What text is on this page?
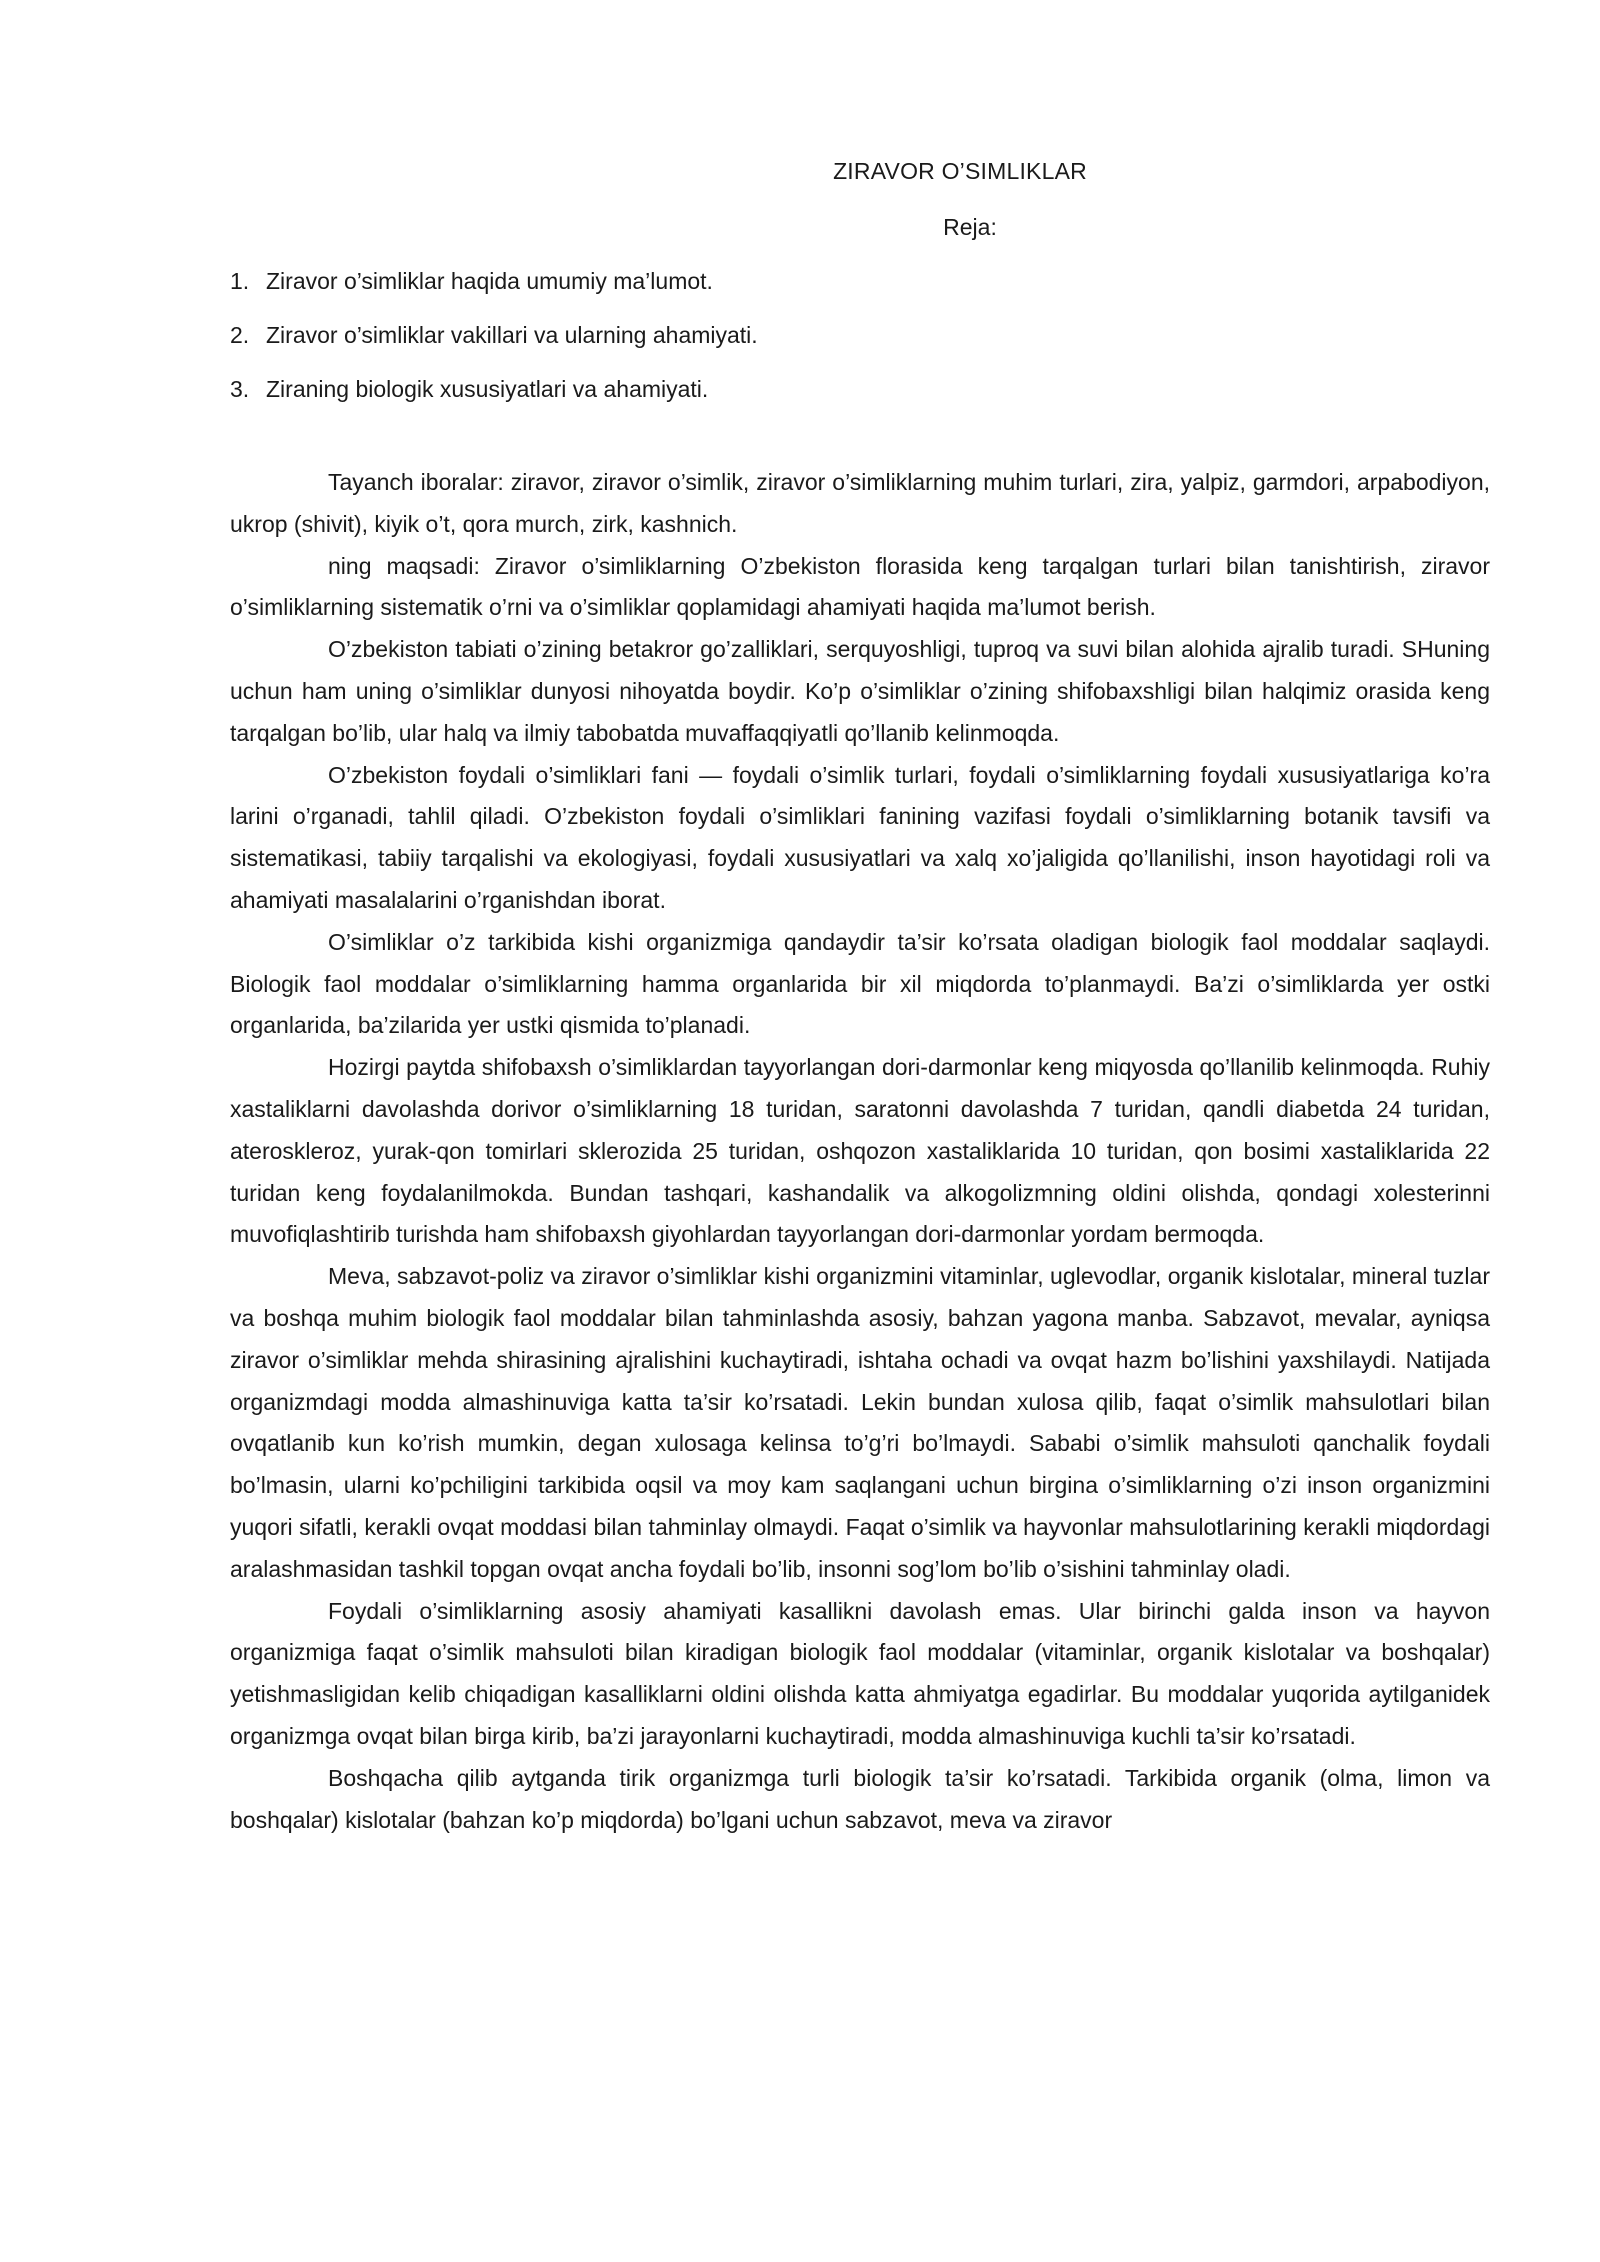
ZIRAVOR O’SIMLIKLAR
Reja:
1. Ziravor o’simliklar haqida umumiy ma’lumot.
2. Ziravor o’simliklar vakillari va ularning ahamiyati.
3. Ziraning biologik xususiyatlari va ahamiyati.

Tayanch iboralar: ziravor, ziravor o’simlik, ziravor o’simliklarning muhim turlari, zira, yalpiz, garmdori, arpabodiyon, ukrop (shivit), kiyik o’t, qora murch, zirk, kashnich.

ning maqsadi: Ziravor o’simliklarning O’zbekiston florasida keng tarqalgan turlari bilan tanishtirish, ziravor o’simliklarning sistematik o’rni va o’simliklar qoplamidagi ahamiyati haqida ma’lumot berish.

O’zbekiston tabiati o’zining betakror go’zalliklari, serquyoshligi, tuproq va suvi bilan alohida ajralib turadi. SHuning uchun ham uning o’simliklar dunyosi nihoyatda boydir. Ko’p o’simliklar o’zining shifobaxshligi bilan halqimiz orasida keng tarqalgan bo’lib, ular halq va ilmiy tabobatda muvaffaqqiyatli qo’llanib kelinmoqda.

O’zbekiston foydali o’simliklari fani — foydali o’simlik turlari, foydali o’simliklarning foydali xususiyatlariga ko’ra larini o’rganadi, tahlil qiladi. O’zbekiston foydali o’simliklari fanining vazifasi foydali o’simliklarning botanik tavsifi va sistematikasi, tabiiy tarqalishi va ekologiyasi, foydali xususiyatlari va xalq xo’jaligida qo’llanilishi, inson hayotidagi roli va ahamiyati masalalarini o’rganishdan iborat.

O’simliklar o’z tarkibida kishi organizmiga qandaydir ta’sir ko’rsata oladigan biologik faol moddalar saqlaydi. Biologik faol moddalar o’simliklarning hamma organlarida bir xil miqdorda to’planmaydi. Ba’zi o’simliklarda yer ostki organlarida, ba’zilarida yer ustki qismida to’planadi.

Hozirgi paytda shifobaxsh o’simliklardan tayyorlangan dori-darmonlar keng miqyosda qo’llanilib kelinmoqda. Ruhiy xastaliklarni davolashda dorivor o’simliklarning 18 turidan, saratonni davolashda 7 turidan, qandli diabetda 24 turidan, ateroskleroz, yurak-qon tomirlari sklerozida 25 turidan, oshqozon xastaliklarida 10 turidan, qon bosimi xastaliklarida 22 turidan keng foydalanilmokda. Bundan tashqari, kashandalik va alkogolizmning oldini olishda, qondagi xolesterinni muvofiqlashtirib turishda ham shifobaxsh giyohlardan tayyorlangan dori-darmonlar yordam bermoqda.

Meva, sabzavot-poliz va ziravor o’simliklar kishi organizmini vitaminlar, uglevodlar, organik kislotalar, mineral tuzlar va boshqa muhim biologik faol moddalar bilan tahminlashda asosiy, bahzan yagona manba. Sabzavot, mevalar, ayniqsa ziravor o’simliklar mehda shirasining ajralishini kuchaytiradi, ishtaha ochadi va ovqat hazm bo’lishini yaxshilaydi. Natijada organizmdagi modda almashinuviga katta ta’sir ko’rsatadi. Lekin bundan xulosa qilib, faqat o’simlik mahsulotlari bilan ovqatlanib kun ko’rish mumkin, degan xulosaga kelinsa to’g’ri bo’lmaydi. Sababi o’simlik mahsuloti qanchalik foydali bo’lmasin, ularni ko’pchiligini tarkibida oqsil va moy kam saqlangani uchun birgina o’simliklarning o’zi inson organizmini yuqori sifatli, kerakli ovqat moddasi bilan tahminlay olmaydi. Faqat o’simlik va hayvonlar mahsulotlarining kerakli miqdordagi aralashmasidan tashkil topgan ovqat ancha foydali bo’lib, insonni sog’lom bo’lib o’sishini tahminlay oladi.

Foydali o’simliklarning asosiy ahamiyati kasallikni davolash emas. Ular birinchi galda inson va hayvon organizmiga faqat o’simlik mahsuloti bilan kiradigan biologik faol moddalar (vitaminlar, organik kislotalar va boshqalar) yetishmasligidan kelib chiqadigan kasalliklarni oldini olishda katta ahmiyatga egadirlar. Bu moddalar yuqorida aytilganidek organizmga ovqat bilan birga kirib, ba’zi jarayonlarni kuchaytiradi, modda almashinuviga kuchli ta’sir ko’rsatadi.

Boshqacha qilib aytganda tirik organizmga turli biologik ta’sir ko’rsatadi. Tarkibida organik (olma, limon va boshqalar) kislotalar (bahzan ko’p miqdorda) bo’lgani uchun sabzavot, meva va ziravor
